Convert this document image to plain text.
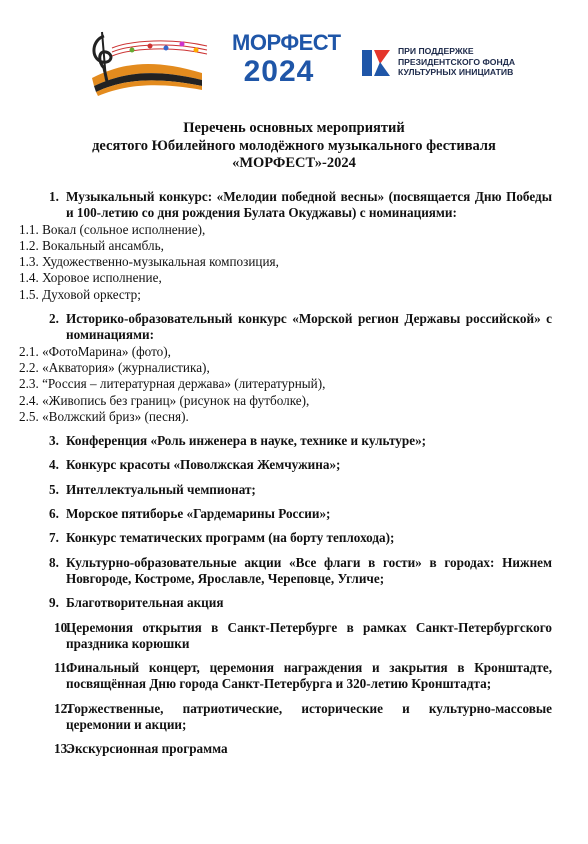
МОРФЕСТ
2024
ПРИ ПОДДЕРЖКЕ
ПРЕЗИДЕНТСКОГО ФОНДА
КУЛЬТУРНЫХ ИНИЦИАТИВ
Перечень основных мероприятий
десятого Юбилейного молодёжного музыкального фестиваля
«МОРФЕСТ»-2024
1. Музыкальный конкурс: «Мелодии победной весны» (посвящается Дню Победы и 100-летию со дня рождения Булата Окуджавы) с номинациями:
1.1. Вокал (сольное исполнение),
1.2. Вокальный ансамбль,
1.3. Художественно-музыкальная композиция,
1.4. Хоровое исполнение,
1.5. Духовой оркестр;
2. Историко-образовательный конкурс «Морской регион Державы российской» с номинациями:
2.1. «ФотоМарина» (фото),
2.2. «Акватория» (журналистика),
2.3. “Россия – литературная держава» (литературный),
2.4. «Живопись без границ» (рисунок на футболке),
2.5. «Волжский бриз» (песня).
3. Конференция «Роль инженера в науке, технике и культуре»;
4. Конкурс красоты «Поволжская Жемчужина»;
5. Интеллектуальный чемпионат;
6. Морское пятиборье «Гардемарины России»;
7. Конкурс тематических программ (на борту теплохода);
8. Культурно-образовательные акции «Все флаги в гости» в городах: Нижнем Новгороде, Костроме, Ярославле, Череповце, Угличе;
9. Благотворительная акция
10.
Церемония открытия в Санкт-Петербурге в рамках Санкт-Петербургского праздника корюшки
11.
Финальный концерт, церемония награждения и закрытия в Кронштадте, посвящённая Дню города Санкт-Петербурга и 320-летию Кронштадта;
12.
Торжественные, патриотические, исторические и культурно-массовые церемонии и акции;
13.
Экскурсионная программа
